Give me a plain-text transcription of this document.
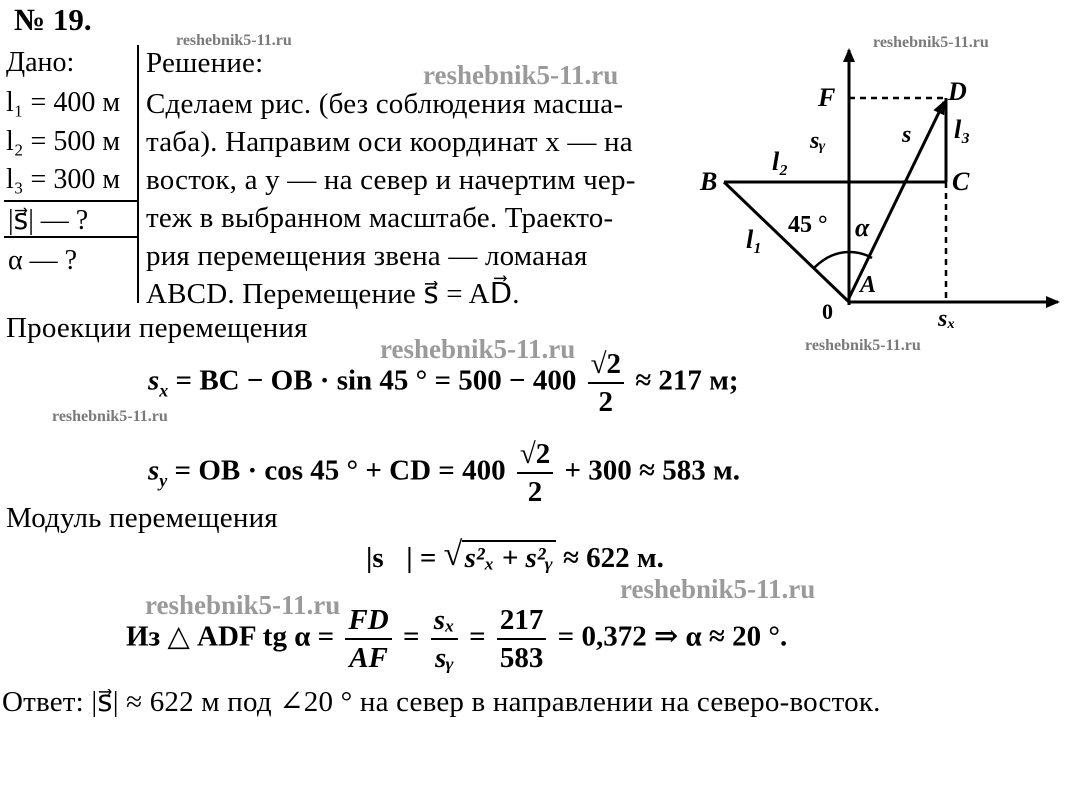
№ 19.
reshebnik5-11.ru
reshebnik5-11.ru
reshebnik5-11.ru
reshebnik5-11.ru	reshebnik5-11.ru
reshebnik5-11.ru
reshebnik5-11.ru
reshebnik5-11.ru
Дано:
l₁ = 400 м
l₂ = 500 м
l₃ = 300 м
|s⃗| — ?
α — ?
Решение:
Сделаем рис. (без соблюдения масша-
таба). Направим оси координат x — на
восток, а y — на север и начертим чер-
теж в выбранном масштабе. Траекто-
рия перемещения звена — ломаная
ABCD. Перемещение s⃗ = AD⃗.
F	D
B	C
A
0
s⃗
sᵧ
sₓ
l₁
l₂
l₃
45 ° α
Проекции перемещения
$s_x$ = BC − OB · sin 45 ° = $500 - 400 \frac{√2}{2} \approx 217$ м;
$s_y$ = OB · cos 45 ° + CD = $400 \frac{√2}{2} + 300 \approx 583$ м.
Модуль перемещения
|s⃗| = √ s²ₓ + s²ᵧ ≈ 622 м.
Из △ ADF tg $\alpha = \frac{FD}{AF} = \frac{\text{sₓ}}{\text{sᵧ}} = \frac{217}{583} = 0,372$ ⇒ α ≈ 20 °.
Ответ: |s⃗| ≈ 622 м под ∠20 ° на север в направлении на северо-восток.
